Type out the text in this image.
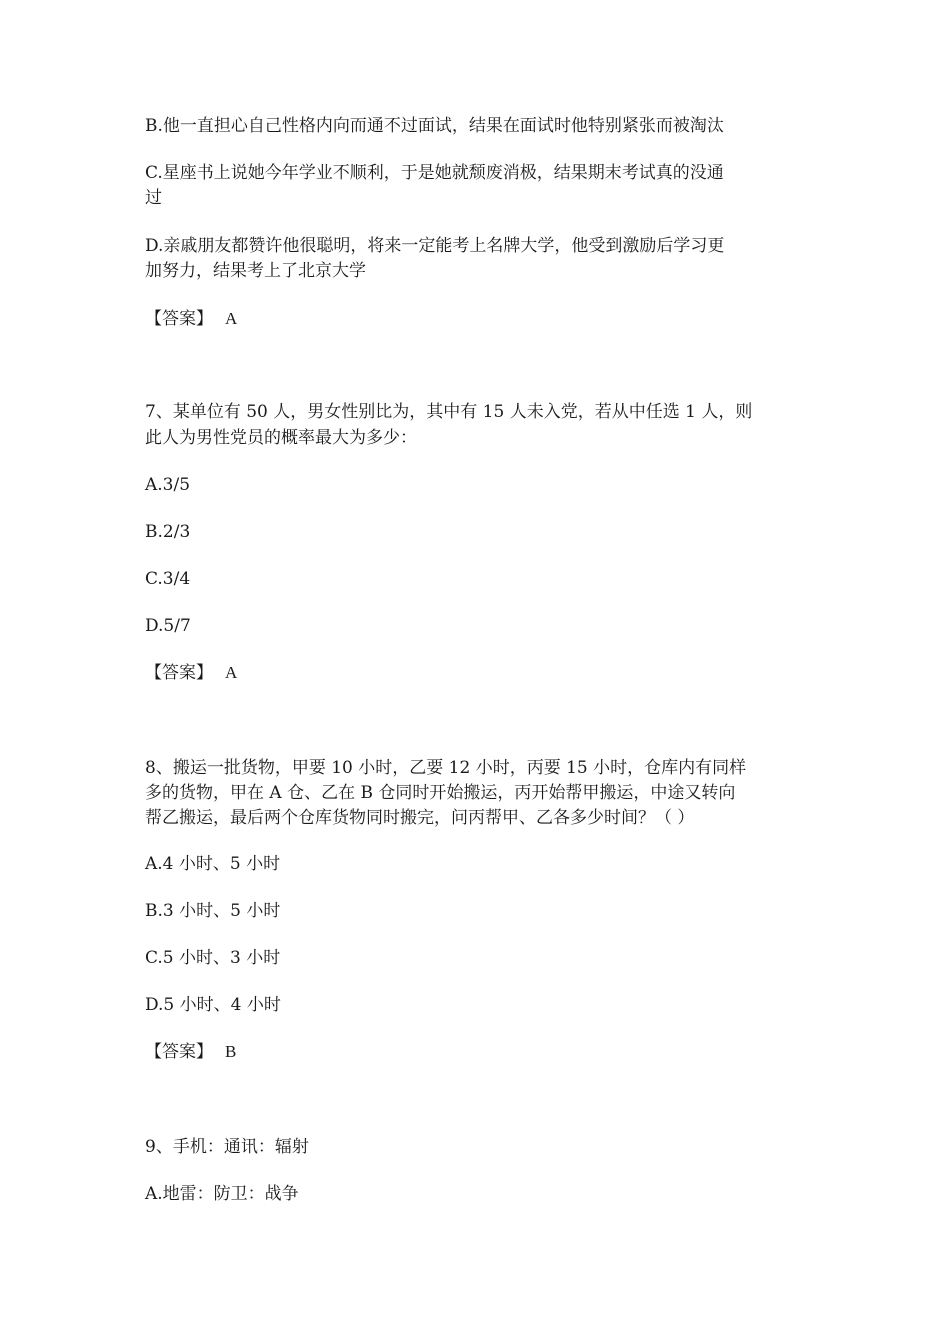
B.他一直担心自己性格内向而通不过面试，结果在面试时他特别紧张而被淘汰
C.星座书上说她今年学业不顺利，于是她就颓废消极，结果期末考试真的没通
过
D.亲戚朋友都赞许他很聪明，将来一定能考上名牌大学，他受到激励后学习更
加努力，结果考上了北京大学
【答案】 A
7、某单位有 50 人，男女性别比为，其中有 15 人未入党，若从中任选 1 人，则
此人为男性党员的概率最大为多少：
A.3/5
B.2/3
C.3/4
D.5/7
【答案】 A
8、搬运一批货物，甲要 10 小时，乙要 12 小时，丙要 15 小时，仓库内有同样
多的货物，甲在 A 仓、乙在 B 仓同时开始搬运，丙开始帮甲搬运，中途又转向
帮乙搬运，最后两个仓库货物同时搬完，问丙帮甲、乙各多少时间？（ ）
A.4 小时、5 小时
B.3 小时、5 小时
C.5 小时、3 小时
D.5 小时、4 小时
【答案】 B
9、手机：通讯：辐射
A.地雷：防卫：战争
